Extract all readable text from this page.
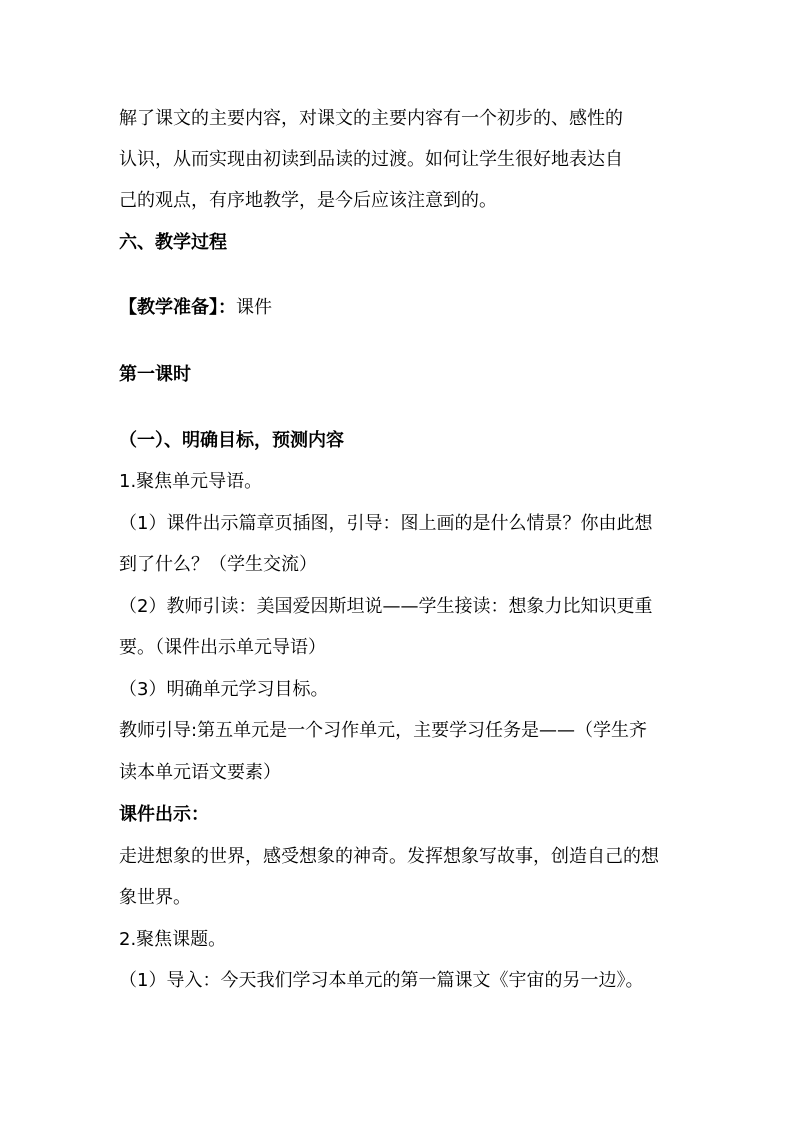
解了课文的主要内容，对课文的主要内容有一个初步的、感性的
认识，从而实现由初读到品读的过渡。如何让学生很好地表达自
己的观点，有序地教学，是今后应该注意到的。
六、教学过程
【教学准备】：课件
第一课时
（一）、明确目标，预测内容
1.聚焦单元导语。
（1）课件出示篇章页插图，引导：图上画的是什么情景？你由此想
到了什么？（学生交流）
（2）教师引读：美国爱因斯坦说——学生接读：想象力比知识更重
要。（课件出示单元导语）
（3）明确单元学习目标。
教师引导:第五单元是一个习作单元，主要学习任务是——（学生齐
读本单元语文要素）
课件出示：
走进想象的世界，感受想象的神奇。发挥想象写故事，创造自己的想
象世界。
2.聚焦课题。
（1）导入：今天我们学习本单元的第一篇课文《宇宙的另一边》。
